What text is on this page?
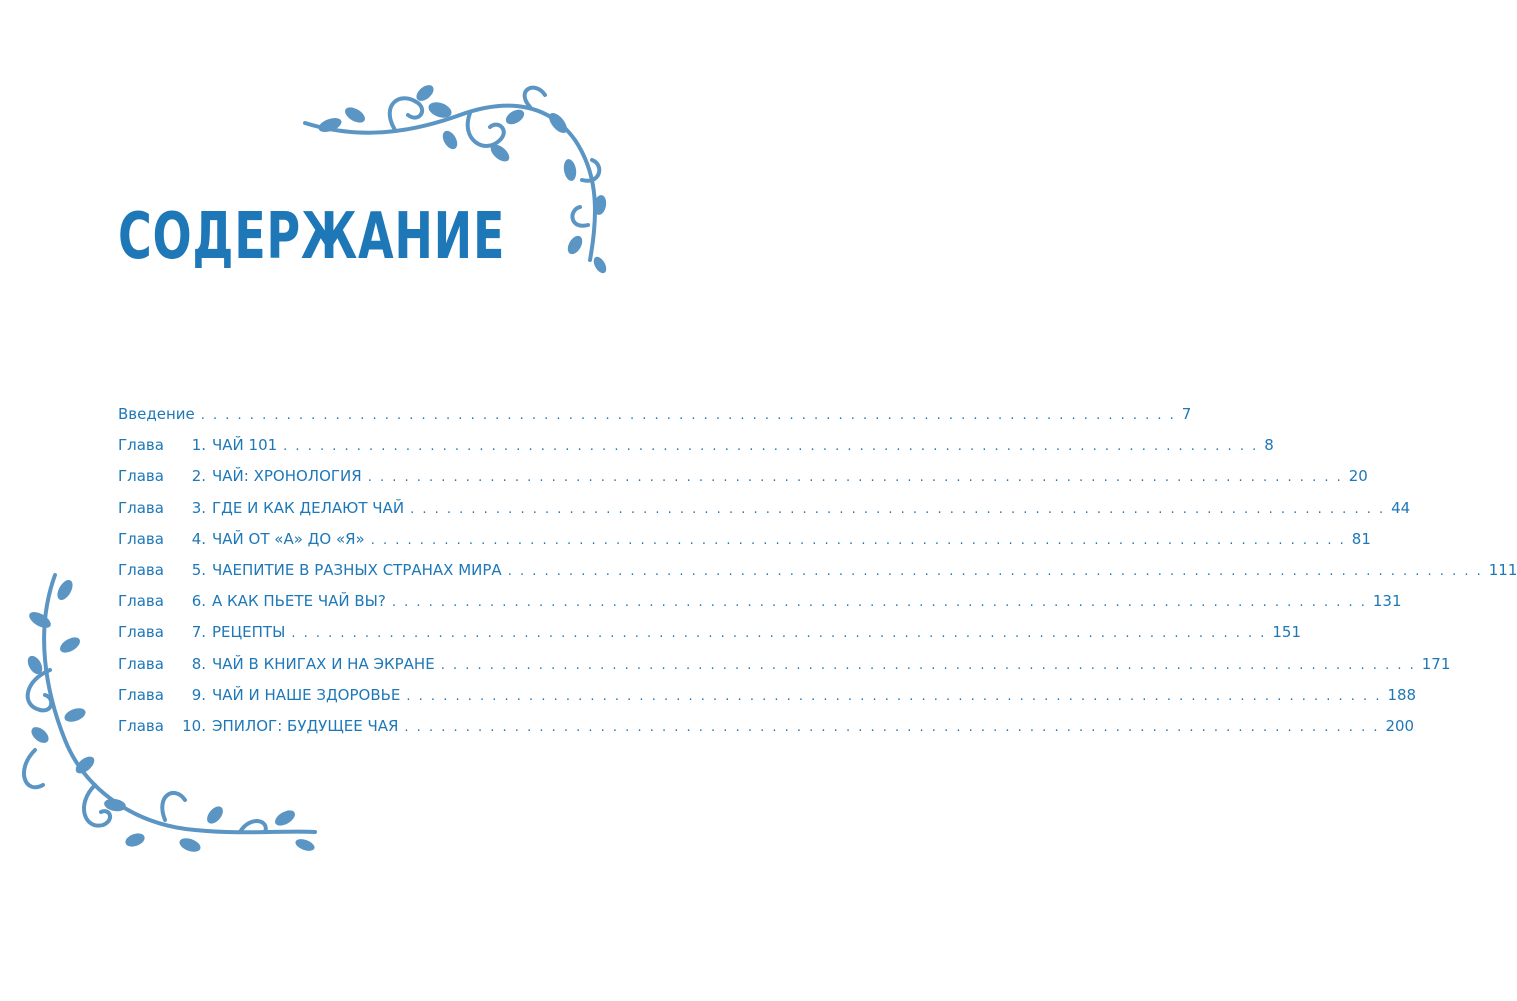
СОДЕРЖАНИЕ
Введение . . . . . . . . . . . . . . . . . . . . . . . . . . . . . . . . . . . . . . . . . . . . . . . . . . . . . . . . . . . . . . . . . . . . . . . . . . . . . . . . 7
Глава 1. ЧАЙ 101 . . . . . . . . . . . . . . . . . . . . . . . . . . . . . . . . . . . . . . . . . . . . . . . . . . . . . . . . . . . . . . . . . . . . . . . . . . . . . . . . 8
Глава 2. ЧАЙ: ХРОНОЛОГИЯ . . . . . . . . . . . . . . . . . . . . . . . . . . . . . . . . . . . . . . . . . . . . . . . . . . . . . . . . . . . . . . . . . . . . . . . . . . . . . . . . 20
Глава 3. ГДЕ И КАК ДЕЛАЮТ ЧАЙ . . . . . . . . . . . . . . . . . . . . . . . . . . . . . . . . . . . . . . . . . . . . . . . . . . . . . . . . . . . . . . . . . . . . . . . . . . . . . . . . 44
Глава 4. ЧАЙ ОТ «А» ДО «Я» . . . . . . . . . . . . . . . . . . . . . . . . . . . . . . . . . . . . . . . . . . . . . . . . . . . . . . . . . . . . . . . . . . . . . . . . . . . . . . . . 81
Глава 5. ЧАЕПИТИЕ В РАЗНЫХ СТРАНАХ МИРА . . . . . . . . . . . . . . . . . . . . . . . . . . . . . . . . . . . . . . . . . . . . . . . . . . . . . . . . . . . . . . . . . . . . . . . . . . . . . . . . 111
Глава 6. А КАК ПЬЕТЕ ЧАЙ ВЫ? . . . . . . . . . . . . . . . . . . . . . . . . . . . . . . . . . . . . . . . . . . . . . . . . . . . . . . . . . . . . . . . . . . . . . . . . . . . . . . . . 131
Глава 7. РЕЦЕПТЫ . . . . . . . . . . . . . . . . . . . . . . . . . . . . . . . . . . . . . . . . . . . . . . . . . . . . . . . . . . . . . . . . . . . . . . . . . . . . . . . . 151
Глава 8. ЧАЙ В КНИГАХ И НА ЭКРАНЕ . . . . . . . . . . . . . . . . . . . . . . . . . . . . . . . . . . . . . . . . . . . . . . . . . . . . . . . . . . . . . . . . . . . . . . . . . . . . . . . . 171
Глава 9. ЧАЙ И НАШЕ ЗДОРОВЬЕ . . . . . . . . . . . . . . . . . . . . . . . . . . . . . . . . . . . . . . . . . . . . . . . . . . . . . . . . . . . . . . . . . . . . . . . . . . . . . . . . 188
Глава 10. ЭПИЛОГ: БУДУЩЕЕ ЧАЯ . . . . . . . . . . . . . . . . . . . . . . . . . . . . . . . . . . . . . . . . . . . . . . . . . . . . . . . . . . . . . . . . . . . . . . . . . . . . . . . . 200
